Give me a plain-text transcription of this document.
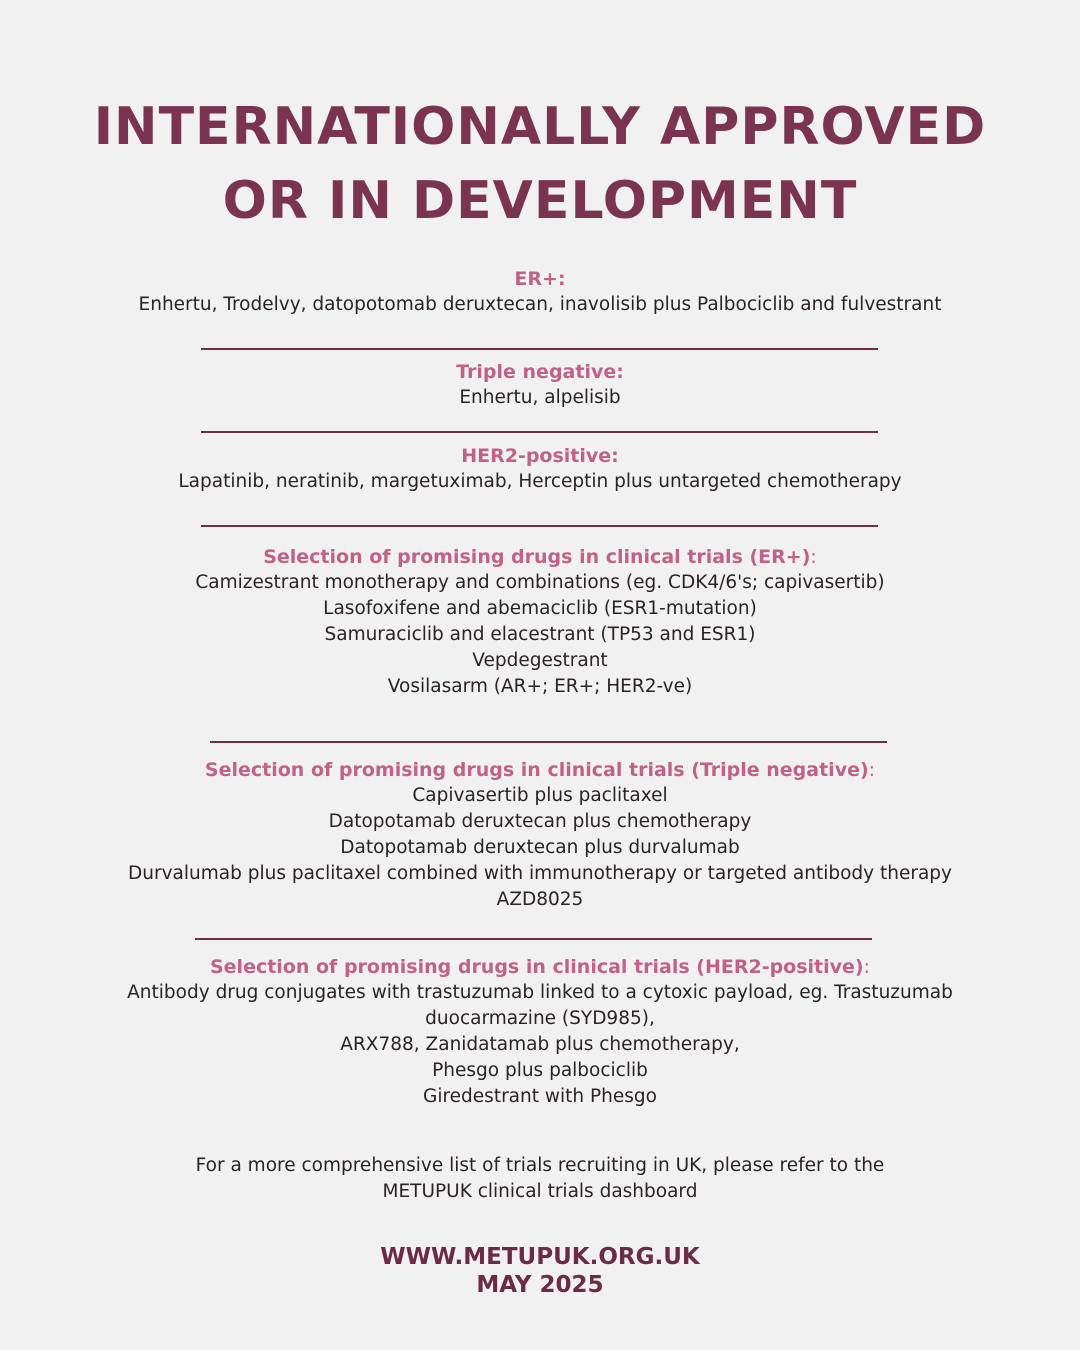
INTERNATIONALLY APPROVED
OR IN DEVELOPMENT
ER+:
Enhertu, Trodelvy, datopotomab deruxtecan, inavolisib plus Palbociclib and fulvestrant
Triple negative:
Enhertu, alpelisib
HER2-positive:
Lapatinib, neratinib, margetuximab, Herceptin plus untargeted chemotherapy
Selection of promising drugs in clinical trials (ER+):
Camizestrant monotherapy and combinations (eg. CDK4/6's; capivasertib)
Lasofoxifene and abemaciclib (ESR1-mutation)
Samuraciclib and elacestrant (TP53 and ESR1)
Vepdegestrant
Vosilasarm (AR+; ER+; HER2-ve)
Selection of promising drugs in clinical trials (Triple negative):
Capivasertib plus paclitaxel
Datopotamab deruxtecan plus chemotherapy
Datopotamab deruxtecan plus durvalumab
Durvalumab plus paclitaxel combined with immunotherapy or targeted antibody therapy
AZD8025
Selection of promising drugs in clinical trials (HER2-positive):
Antibody drug conjugates with trastuzumab linked to a cytoxic payload, eg. Trastuzumab
duocarmazine (SYD985),
ARX788, Zanidatamab plus chemotherapy,
Phesgo plus palbociclib
Giredestrant with Phesgo
For a more comprehensive list of trials recruiting in UK, please refer to the
METUPUK clinical trials dashboard
WWW.METUPUK.ORG.UK
MAY 2025
